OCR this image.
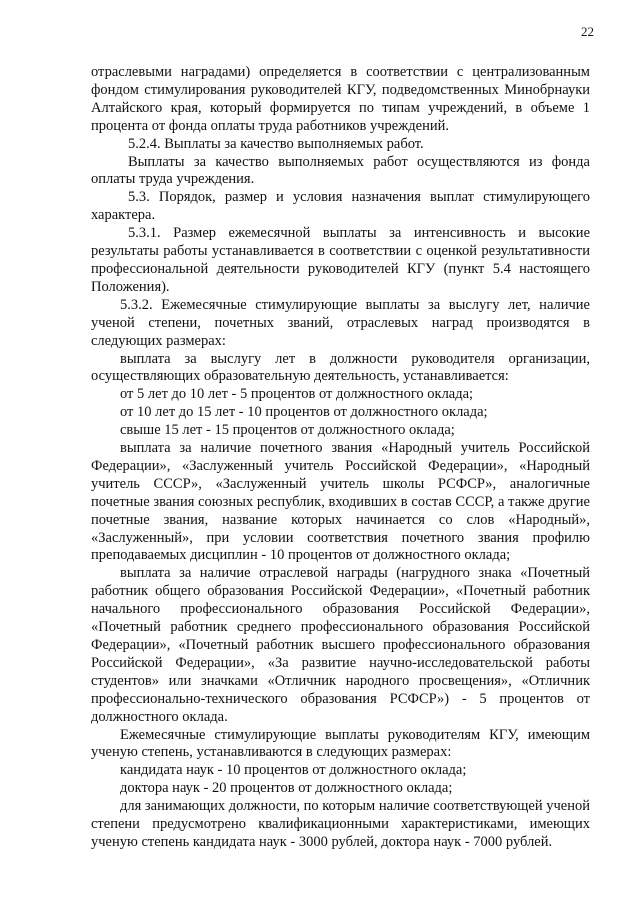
22

отраслевыми наградами) определяется в соответствии с централизованным фондом стимулирования руководителей КГУ, подведомственных Минобрнауки Алтайского края, который формируется по типам учреждений, в объеме 1 процента от фонда оплаты труда работников учреждений.

5.2.4. Выплаты за качество выполняемых работ.

Выплаты за качество выполняемых работ осуществляются из фонда оплаты труда учреждения.

5.3. Порядок, размер и условия назначения выплат стимулирующего характера.

5.3.1. Размер ежемесячной выплаты за интенсивность и высокие результаты работы устанавливается в соответствии с оценкой результативности профессиональной деятельности руководителей КГУ (пункт 5.4 настоящего Положения).

5.3.2. Ежемесячные стимулирующие выплаты за выслугу лет, наличие ученой степени, почетных званий, отраслевых наград производятся в следующих размерах:

выплата за выслугу лет в должности руководителя организации, осуществляющих образовательную деятельность, устанавливается:

от 5 лет до 10 лет - 5 процентов от должностного оклада;

от 10 лет до 15 лет - 10 процентов от должностного оклада;

свыше 15 лет - 15 процентов от должностного оклада;

выплата за наличие почетного звания «Народный учитель Российской Федерации», «Заслуженный учитель Российской Федерации», «Народный учитель СССР», «Заслуженный учитель школы РСФСР», аналогичные почетные звания союзных республик, входивших в состав СССР, а также другие почетные звания, название которых начинается со слов «Народный», «Заслуженный», при условии соответствия почетного звания профилю преподаваемых дисциплин - 10 процентов от должностного оклада;

выплата за наличие отраслевой награды (нагрудного знака «Почетный работник общего образования Российской Федерации», «Почетный работник начального профессионального образования Российской Федерации», «Почетный работник среднего профессионального образования Российской Федерации», «Почетный работник высшего профессионального образования Российской Федерации», «За развитие научно-исследовательской работы студентов» или значками «Отличник народного просвещения», «Отличник профессионально-технического образования РСФСР») - 5 процентов от должностного оклада.

Ежемесячные стимулирующие выплаты руководителям КГУ, имеющим ученую степень, устанавливаются в следующих размерах:

кандидата наук - 10 процентов от должностного оклада;

доктора наук - 20 процентов от должностного оклада;

для занимающих должности, по которым наличие соответствующей ученой степени предусмотрено квалификационными характеристиками, имеющих ученую степень кандидата наук - 3000 рублей, доктора наук - 7000 рублей.
